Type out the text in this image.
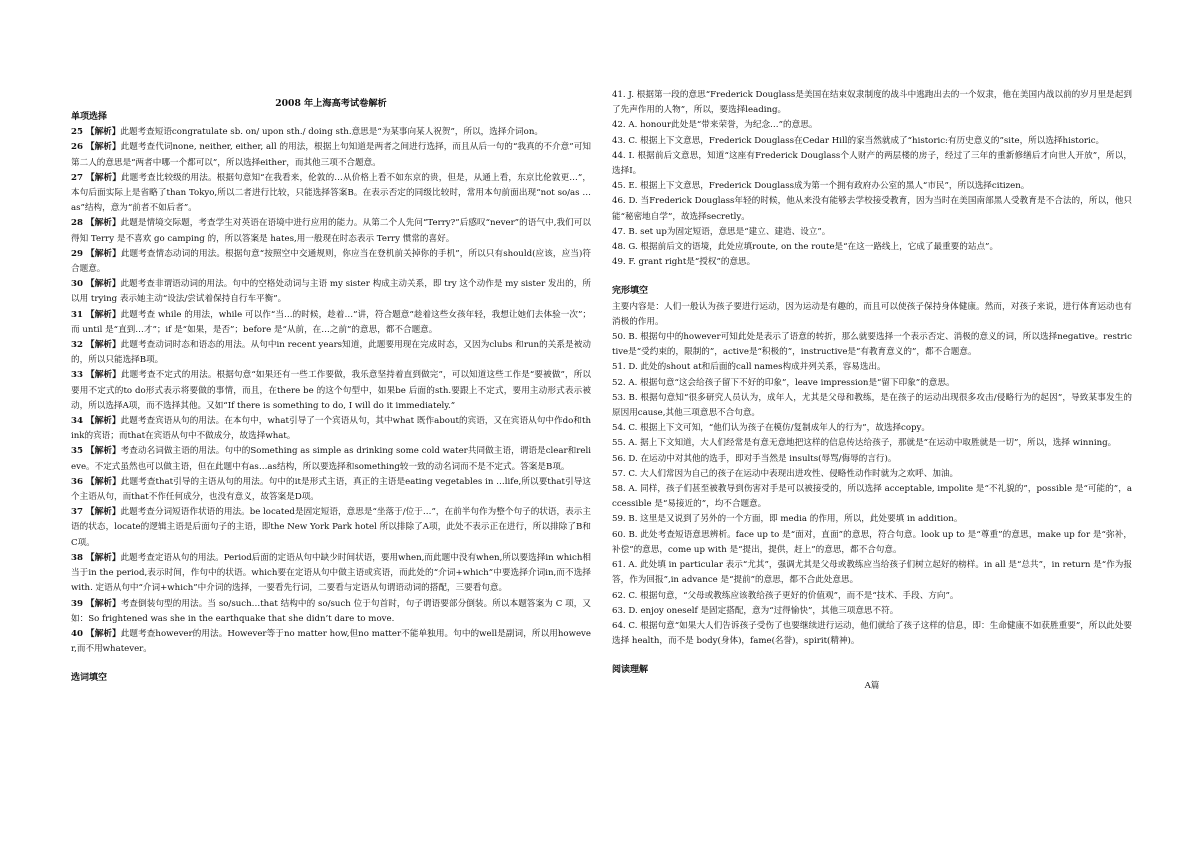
2008 年上海高考试卷解析

单项选择

25 【解析】此题考查短语congratulate sb. on/ upon sth./ doing sth.意思是“为某事向某人祝贺”，所以，选择介词on。

26 【解析】此题考查代词none, neither, either, all 的用法，根据上句知道是两者之间进行选择，而且从后一句的“我真的不介意”可知第二人的意思是“两者中哪一个都可以”，所以选择either，而其他三项不合题意。

27 【解析】此题考查比较级的用法。根据句意知“在我看来，伦敦的…从价格上看不如东京的贵，但是，从通上看，东京比伦敦更…”，本句后面实际上是省略了than Tokyo,所以二者进行比较，只能选择答案B。在表示否定的同级比较时，常用本句前面出现“not so/as …as”结构，意为“前者不如后者”。

28 【解析】此题是情境交际题，考查学生对英语在语境中进行应用的能力。从第二个人先问“Terry?”后感叹“never”的语气中,我们可以得知 Terry 是不喜欢 go camping 的，所以答案是 hates,用一般现在时态表示 Terry 惯常的喜好。

29 【解析】此题考查情态动词的用法。根据句意“按照空中交通规则，你应当在登机前关掉你的手机”，所以只有should(应该，应当)符合题意。

30 【解析】此题考查非谓语动词的用法。句中的空格处动词与主语 my sister 构成主动关系，即 try 这个动作是 my sister 发出的，所以用 trying 表示她主动“设法/尝试着保持自行车平衡”。

31 【解析】此题考查 while 的用法，while 可以作“当…的时候，趁着…”讲，符合题意“趁着这些女孩年轻，我想让她们去体验一次”；而 until 是“直到…才”；if 是“如果，是否”；before 是“从前，在…之前”的意思，都不合题意。

32 【解析】此题考查动词时态和语态的用法。从句中in recent years知道，此题要用现在完成时态，又因为clubs 和run的关系是被动的，所以只能选择B项。

33 【解析】此题考查不定式的用法。根据句意“如果还有一些工作要做，我乐意坚持着直到做完”，可以知道这些工作是“要被做”，所以要用不定式的to do形式表示将要做的事情，而且，在there be 的这个句型中，如果be 后面的sth.要跟上不定式，要用主动形式表示被动，所以选择A项，而不选择其他。又如“If there is something to do, I will do it immediately.”

34 【解析】此题考查宾语从句的用法。在本句中，what引导了一个宾语从句，其中what 既作about的宾语，又在宾语从句中作do和think的宾语；而that在宾语从句中不做成分，故选择what。

35 【解析】考查动名词做主语的用法。句中的Something as simple as drinking some cold water共同做主语，谓语是clear和relieve。不定式虽然也可以做主语，但在此题中有as…as结构，所以要选择和something较一致的动名词而不是不定式。答案是B项。

36 【解析】此题考查that引导的主语从句的用法。句中的it是形式主语，真正的主语是eating vegetables in …life,所以要that引导这个主语从句，而that不作任何成分，也没有意义，故答案是D项。

37 【解析】此题考查分词短语作状语的用法。be located是固定短语，意思是“坐落于/位于…”，在前半句作为整个句子的状语，表示主语的状态，locate的逻辑主语是后面句子的主语，即the New York Park hotel 所以排除了A项，此处不表示正在进行，所以排除了B和C项。

38 【解析】此题考查定语从句的用法。Period后面的定语从句中缺少时间状语，要用when,而此题中没有when,所以要选择in which相当于in the period,表示时间，作句中的状语。which要在定语从句中做主语或宾语，而此处的“介词+which”中要选择介词in,而不选择with. 定语从句中“介词+which”中介词的选择，一要看先行词，二要看与定语从句谓语动词的搭配，三要看句意。

39 【解析】考查倒装句型的用法。当 so/such…that 结构中的 so/such 位于句首时，句子谓语要部分倒装。所以本题答案为 C 项，又如：So frightened was she in the earthquake that she didn’t dare to move.

40 【解析】此题考查however的用法。However等于no matter how,但no matter不能单独用。句中的well是副词，所以用however,而不用whatever。

选词填空

41. J. 根据第一段的意思“Frederick Douglass是美国在结束奴隶制度的战斗中逃跑出去的一个奴隶，他在美国内战以前的岁月里是起到了先声作用的人物”，所以，要选择leading。

42. A. honour此处是“带来荣誉，为纪念…”的意思。

43. C. 根据上下文意思，Frederick Douglass在Cedar Hill的家当然就成了“historic:有历史意义的”site，所以选择historic。

44. I. 根据前后文意思，知道“这座有Frederick Douglass个人财产的两层楼的房子，经过了三年的重新修缮后才向世人开放”，所以，选择I。

45. E. 根据上下文意思，Frederick Douglass成为第一个拥有政府办公室的黑人“市民”，所以选择citizen。

46. D. 当Frederick Douglass年轻的时候，他从来没有能够去学校接受教育，因为当时在美国南部黑人受教育是不合法的，所以，他只能“秘密地自学”，故选择secretly。

47. B. set up为固定短语，意思是“建立、建造、设立”。

48. G. 根据前后文的语境，此处应填route, on the route是“在这一路线上，它成了最重要的站点”。

49. F. grant right是“授权”的意思。

完形填空

主要内容是：人们一般认为孩子要进行运动，因为运动是有趣的，而且可以使孩子保持身体健康。然而，对孩子来说，进行体育运动也有消极的作用。

50. B. 根据句中的however可知此处是表示了语意的转折，那么就要选择一个表示否定、消极的意义的词，所以选择negative。restrictive是“受约束的，限制的”，active是“积极的”，instructive是“有教育意义的”，都不合题意。

51. D. 此处的shout at和后面的call names构成并列关系，容易选出。

52. A. 根据句意“这会给孩子留下不好的印象”，leave impression是“留下印象”的意思。

53. B. 根据句意知“很多研究人员认为，成年人，尤其是父母和教练，是在孩子的运动出现很多攻击/侵略行为的起因”，导致某事发生的原因用cause,其他三项意思不合句意。

54. C. 根据上下文可知，“他们认为孩子在模仿/复制成年人的行为”，故选择copy。

55. A. 据上下文知道，大人们经常是有意无意地把这样的信息传达给孩子，那就是“在运动中取胜就是一切”，所以，选择 winning。

56. D. 在运动中对其他的选手，即对手当然是 insults(辱骂/侮辱的言行)。

57. C. 大人们常因为自己的孩子在运动中表现出进攻性、侵略性动作时就为之欢呼、加油。

58. A. 同样，孩子们甚至被教导到伤害对手是可以被接受的，所以选择 acceptable, impolite 是“不礼貌的”，possible 是“可能的”，accessible 是“易接近的”，均不合题意。

59. B. 这里是又说到了另外的一个方面，即 media 的作用，所以，此处要填 in addition。

60. B. 此处考查短语意思辨析。face up to 是“面对，直面”的意思，符合句意。look up to 是“尊重”的意思，make up for 是“弥补，补偿”的意思，come up with 是“提出，提供，赶上”的意思，都不合句意。

61. A. 此处填 in particular 表示“尤其”，强调尤其是父母或教练应当给孩子们树立起好的榜样。in all 是“总共”，in return 是“作为报答，作为回报”,in advance 是“提前”的意思，都不合此处意思。

62. C. 根据句意，“父母或教练应该教给孩子更好的价值观”，而不是“技术、手段、方向”。

63. D. enjoy oneself 是固定搭配，意为“过得愉快”，其他三项意思不符。

64. C. 根据句意“如果大人们告诉孩子受伤了也要继续进行运动，他们就给了孩子这样的信息，即：生命健康不如获胜重要”，所以此处要选择 health，而不是 body(身体)，fame(名誉)，spirit(精神)。

阅读理解

A篇
